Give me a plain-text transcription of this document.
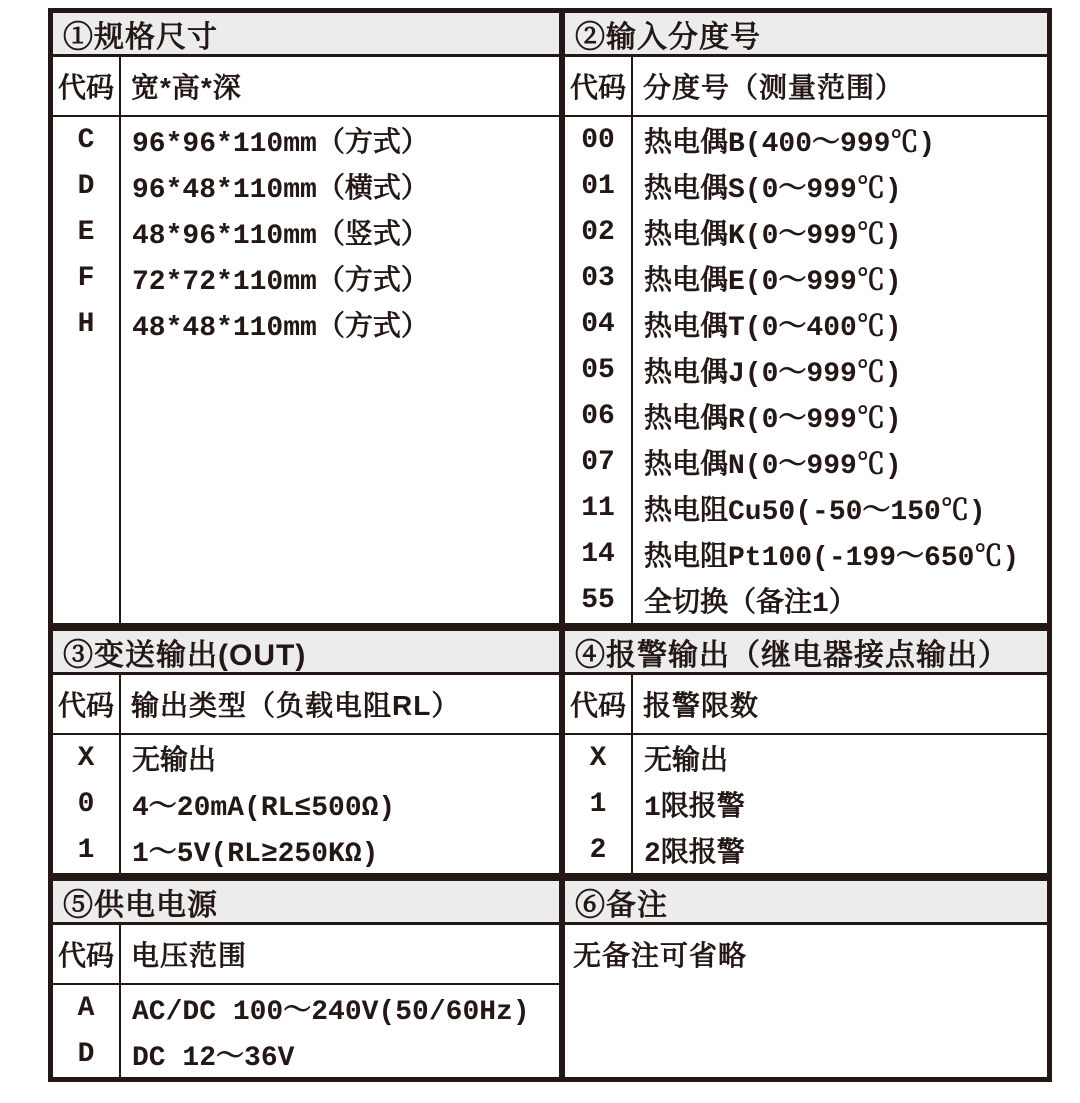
①规格尺寸
代码 宽*高*深
C	96*96*110mm（方式）
D	96*48*110mm（横式）
E	48*96*110mm（竖式）
F	72*72*110mm（方式）
H	48*48*110mm（方式）
②输入分度号
代码 分度号（测量范围）
00	热电偶B(400～999℃)
01	热电偶S(0～999℃)
02	热电偶K(0～999℃)
03	热电偶E(0～999℃)
04	热电偶T(0～400℃)
05	热电偶J(0～999℃)
06	热电偶R(0～999℃)
07	热电偶N(0～999℃)
11	热电阻Cu50(-50～150℃)
14	热电阻Pt100(-199～650℃)
55	全切换（备注1）
③变送输出(OUT)
代码 输出类型（负载电阻RL）
X	无输出
0	4～20mA(RL≤500Ω)
1	1～5V(RL≥250KΩ)
④报警输出（继电器接点输出）
代码 报警限数
X	无输出
1	1限报警
2	2限报警
⑤供电电源
代码 电压范围
A	AC/DC 100～240V(50/60Hz)
D	DC 12～36V
⑥备注
无备注可省略
